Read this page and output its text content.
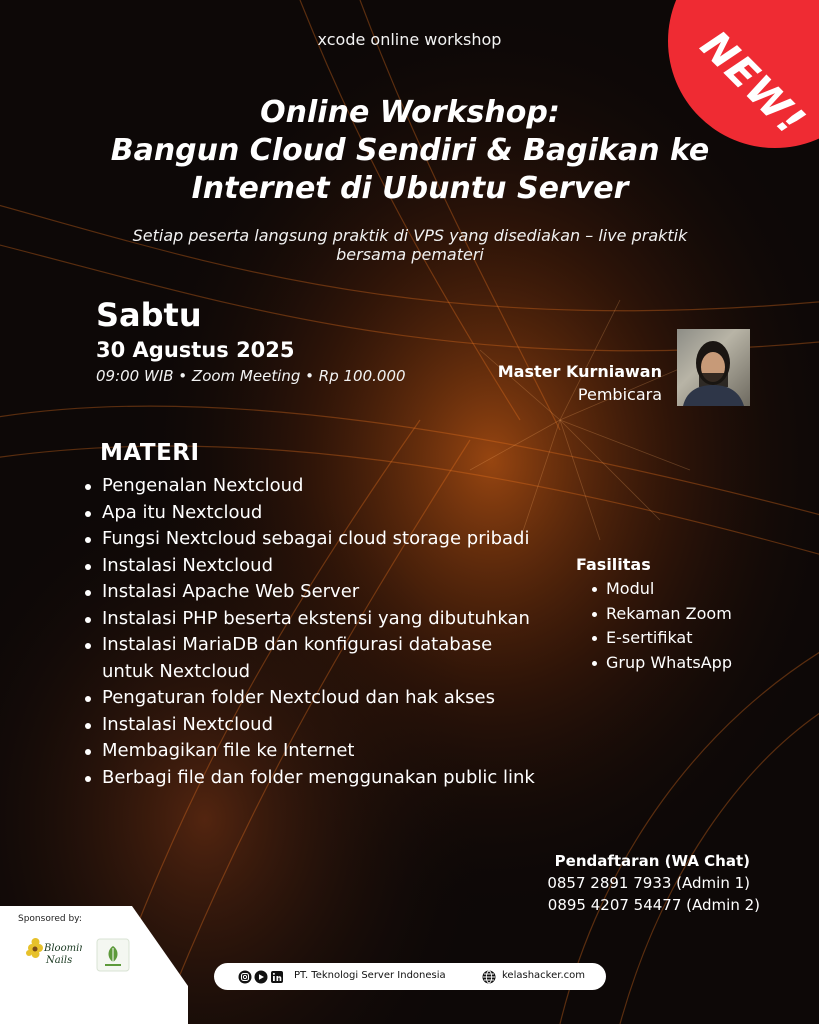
NEW!
xcode online workshop
Online Workshop:
Bangun Cloud Sendiri & Bagikan ke
Internet di Ubuntu Server
Setiap peserta langsung praktik di VPS yang disediakan – live praktik
bersama pemateri
Sabtu
30 Agustus 2025
09:00 WIB • Zoom Meeting • Rp 100.000	Master Kurniawan
Pembicara
MATERI
Pengenalan Nextcloud
Apa itu Nextcloud
Fungsi Nextcloud sebagai cloud storage pribadi
Instalasi Nextcloud
Instalasi Apache Web Server
Instalasi PHP beserta ekstensi yang dibutuhkan
Instalasi MariaDB dan konfigurasi database untuk Nextcloud
Pengaturan folder Nextcloud dan hak akses
Instalasi Nextcloud
Membagikan file ke Internet
Berbagi file dan folder menggunakan public link
Fasilitas
Modul
Rekaman Zoom
E-sertifikat
Grup WhatsApp
Pendaftaran (WA Chat)
0857 2891 7933 (Admin 1)
0895 4207 54477 (Admin 2)
Sponsored by:
Bloomin
Nails
PT. Teknologi Server Indonesia	kelashacker.com
